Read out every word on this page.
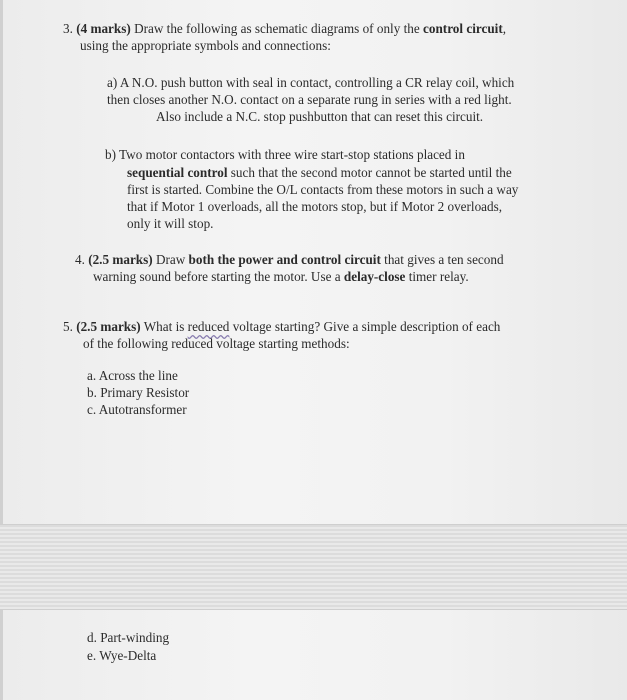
3. (4 marks) Draw the following as schematic diagrams of only the control circuit,

using the appropriate symbols and connections:

a) A N.O. push button with seal in contact, controlling a CR relay coil, which

then closes another N.O. contact on a separate rung in series with a red light.

Also include a N.C. stop pushbutton that can reset this circuit.

b) Two motor contactors with three wire start-stop stations placed in

sequential control such that the second motor cannot be started until the

first is started. Combine the O/L contacts from these motors in such a way

that if Motor 1 overloads, all the motors stop, but if Motor 2 overloads,

only it will stop.

4. (2.5 marks) Draw both the power and control circuit that gives a ten second

warning sound before starting the motor. Use a delay-close timer relay.

5. (2.5 marks) What is reduced voltage starting? Give a simple description of each

of the following reduced voltage starting methods:

a. Across the line

b. Primary Resistor

c. Autotransformer

d. Part-winding

e. Wye-Delta
